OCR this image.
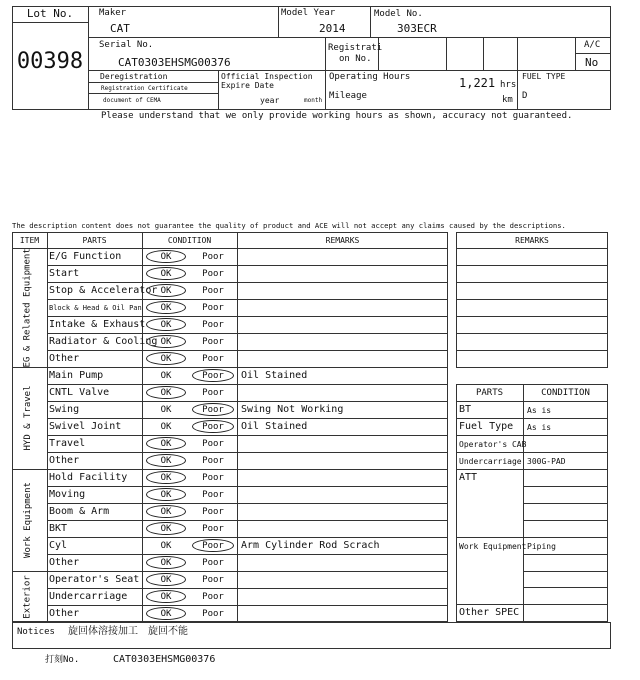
Lot No.
00398
Maker
CAT
Model Year
2014
Model No.
303ECR
Serial No.
CAT0303EHSMG00376
Registrati
on No.
A/C
No
Deregistration
Registration Certificate
document of CEMA
Official Inspection
Expire Date
year	month
Operating Hours	1,221 hrs
Mileage	km
FUEL TYPE
D
Please understand that we only provide working hours as shown, accuracy not guaranteed.
The description content does not guarantee the quality of product and ACE will not accept any claims caused by the descriptions.
ITEM	PARTS	CONDITION	REMARKS
E/G Function	OK	Poor
Start	OK	Poor
Stop & Accelerator OK	Poor
Block & Head & Oil Pan	OK	Poor
Intake & Exhaust	OK	Poor
Radiator & Cooling OK	Poor
Other	OK	Poor
EG & Related Equipment
Main Pump	OK	Poor	Oil Stained
CNTL Valve	OK	Poor
Swing	OK	Poor	Swing Not Working
Swivel Joint	OK	Poor	Oil Stained
Travel	OK	Poor
Other	OK	Poor
HYD & Travel
Hold Facility	OK	Poor
Moving	OK	Poor
Boom & Arm	OK	Poor
BKT	OK	Poor
Cyl	OK	Poor	Arm Cylinder Rod Scrach
Other	OK	Poor
Work Equipment
Operator's Seat	OK	Poor
Undercarriage	OK	Poor
Other	OK	Poor
Exterior
Notices 旋回体溶接加工　旋回不能
打刻No.	CAT0303EHSMG00376
REMARKS
PARTS	CONDITION
BT	As is
Fuel Type As is
Operator's CAB
Undercarriage 300G-PAD
ATT
Work Equipment Piping
Other SPEC
